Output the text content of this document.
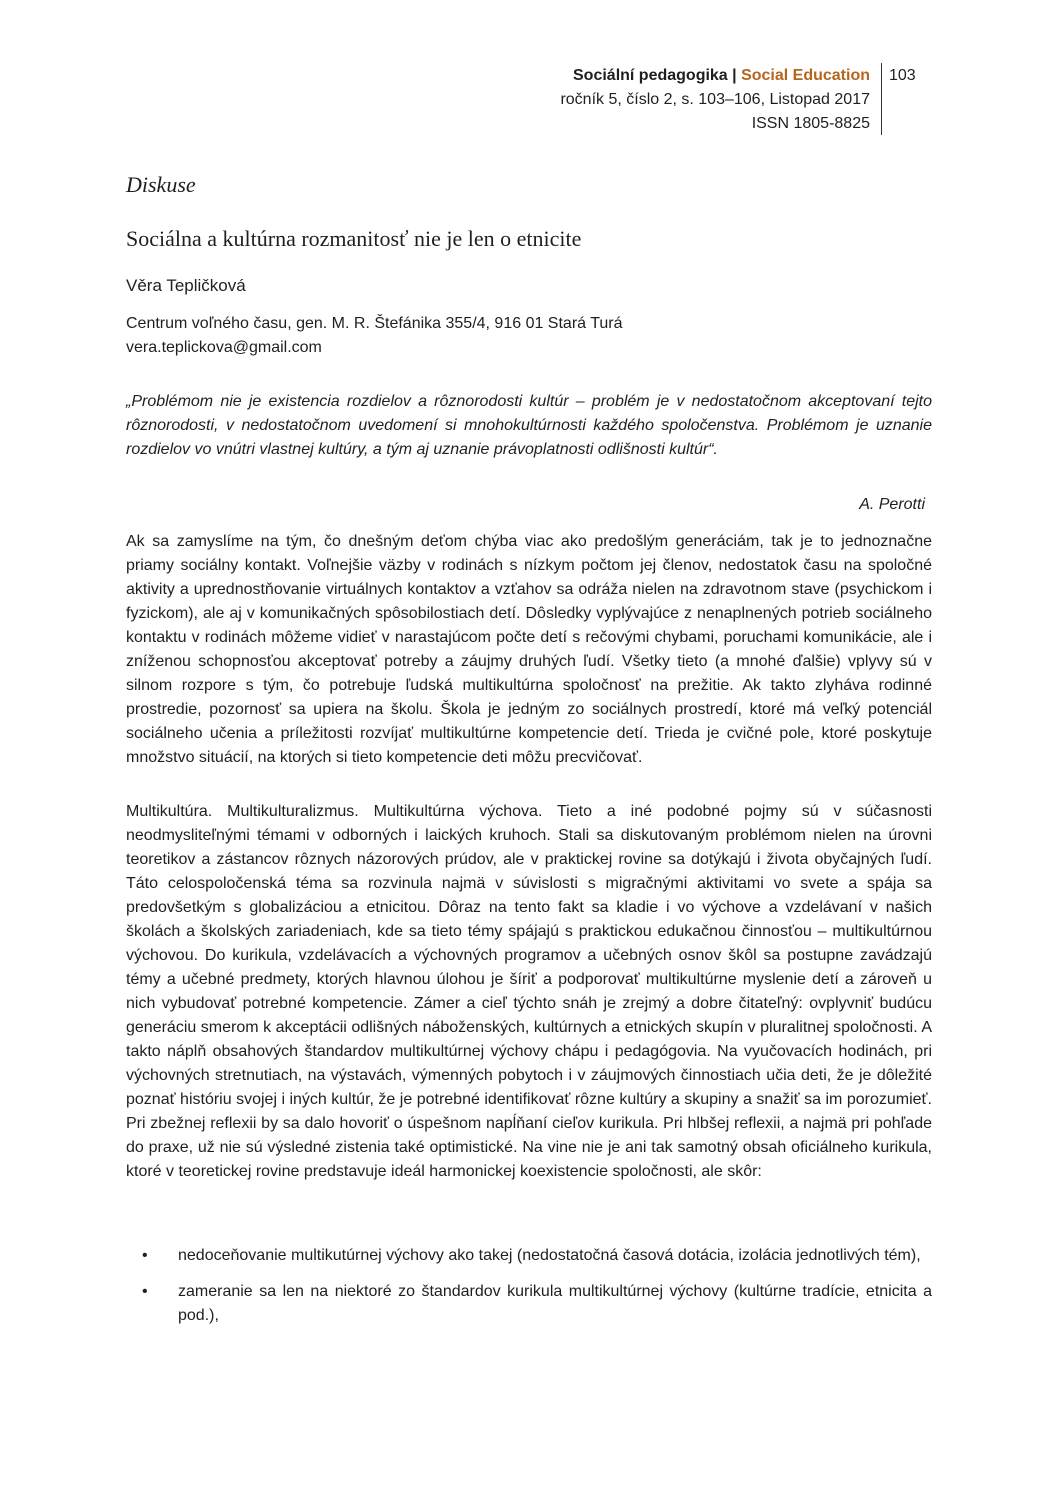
Sociální pedagogika | Social Education
ročník 5, číslo 2, s. 103–106, Listopad 2017
ISSN 1805-8825
103
Diskuse
Sociálna a kultúrna rozmanitosť nie je len o etnicite
Věra Tepličková
Centrum voľného času, gen. M. R. Štefánika 355/4, 916 01 Stará Turá
vera.teplickova@gmail.com
„Problémom nie je existencia rozdielov a rôznorodosti kultúr – problém je v nedostatočnom akceptovaní tejto rôznorodosti, v nedostatočnom uvedomení si mnohokultúrnosti každého spoločenstva. Problémom je uznanie rozdielov vo vnútri vlastnej kultúry, a tým aj uznanie právoplatnosti odlišnosti kultúr“.
A. Perotti

Ak sa zamyslíme na tým, čo dnešným deťom chýba viac ako predošlým generáciám, tak je to jednoznačne priamy sociálny kontakt. Voľnejšie väzby v rodinách s nízkym počtom jej členov, nedostatok času na spoločné aktivity a uprednostňovanie virtuálnych kontaktov a vzťahov sa odráža nielen na zdravotnom stave (psychickom i fyzickom), ale aj v komunikačných spôsobilostiach detí. Dôsledky vyplývajúce z nenaplnených potrieb sociálneho kontaktu v rodinách môžeme vidieť v narastajúcom počte detí s rečovými chybami, poruchami komunikácie, ale i zníženou schopnosťou akceptovať potreby a záujmy druhých ľudí. Všetky tieto (a mnohé ďalšie) vplyvy sú v silnom rozpore s tým, čo potrebuje ľudská multikultúrna spoločnosť na prežitie. Ak takto zlyháva rodinné prostredie, pozornosť sa upiera na školu. Škola je jedným zo sociálnych prostredí, ktoré má veľký potenciál sociálneho učenia a príležitosti rozvíjať multikultúrne kompetencie detí. Trieda je cvičné pole, ktoré poskytuje množstvo situácií, na ktorých si tieto kompetencie deti môžu precvičovať.

Multikultúra. Multikulturalizmus. Multikultúrna výchova. Tieto a iné podobné pojmy sú v súčasnosti neodmysliteľnými témami v odborných i laických kruhoch. Stali sa diskutovaným problémom nielen na úrovni teoretikov a zástancov rôznych názorových prúdov, ale v praktickej rovine sa dotýkajú i života obyčajných ľudí. Táto celospoločenská téma sa rozvinula najmä v súvislosti s migračnými aktivitami vo svete a spája sa predovšetkým s globalizáciou a etnicitou. Dôraz na tento fakt sa kladie i vo výchove a vzdelávaní v našich školách a školských zariadeniach, kde sa tieto témy spájajú s praktickou edukačnou činnosťou – multikultúrnou výchovou. Do kurikula, vzdelávacích a výchovných programov a učebných osnov škôl sa postupne zavádzajú témy a učebné predmety, ktorých hlavnou úlohou je šíriť a podporovať multikultúrne myslenie detí a zároveň u nich vybudovať potrebné kompetencie. Zámer a cieľ týchto snáh je zrejmý a dobre čitateľný: ovplyvniť budúcu generáciu smerom k akceptácii odlišných náboženských, kultúrnych a etnických skupín v pluralitnej spoločnosti. A takto náplň obsahových štandardov multikultúrnej výchovy chápu i pedagógovia. Na vyučovacích hodinách, pri výchovných stretnutiach, na výstavách, výmenných pobytoch i v záujmových činnostiach učia deti, že je dôležité poznať históriu svojej i iných kultúr, že je potrebné identifikovať rôzne kultúry a skupiny a snažiť sa im porozumieť. Pri zbežnej reflexii by sa dalo hovoriť o úspešnom napĺňaní cieľov kurikula. Pri hlbšej reflexii, a najmä pri pohľade do praxe, už nie sú výsledné zistenia také optimistické. Na vine nie je ani tak samotný obsah oficiálneho kurikula, ktoré v teoretickej rovine predstavuje ideál harmonickej koexistencie spoločnosti, ale skôr:

• nedoceňovanie multikutúrnej výchovy ako takej (nedostatočná časová dotácia, izolácia jednotlivých tém),
• zameranie sa len na niektoré zo štandardov kurikula multikultúrnej výchovy (kultúrne tradície, etnicita a pod.),
